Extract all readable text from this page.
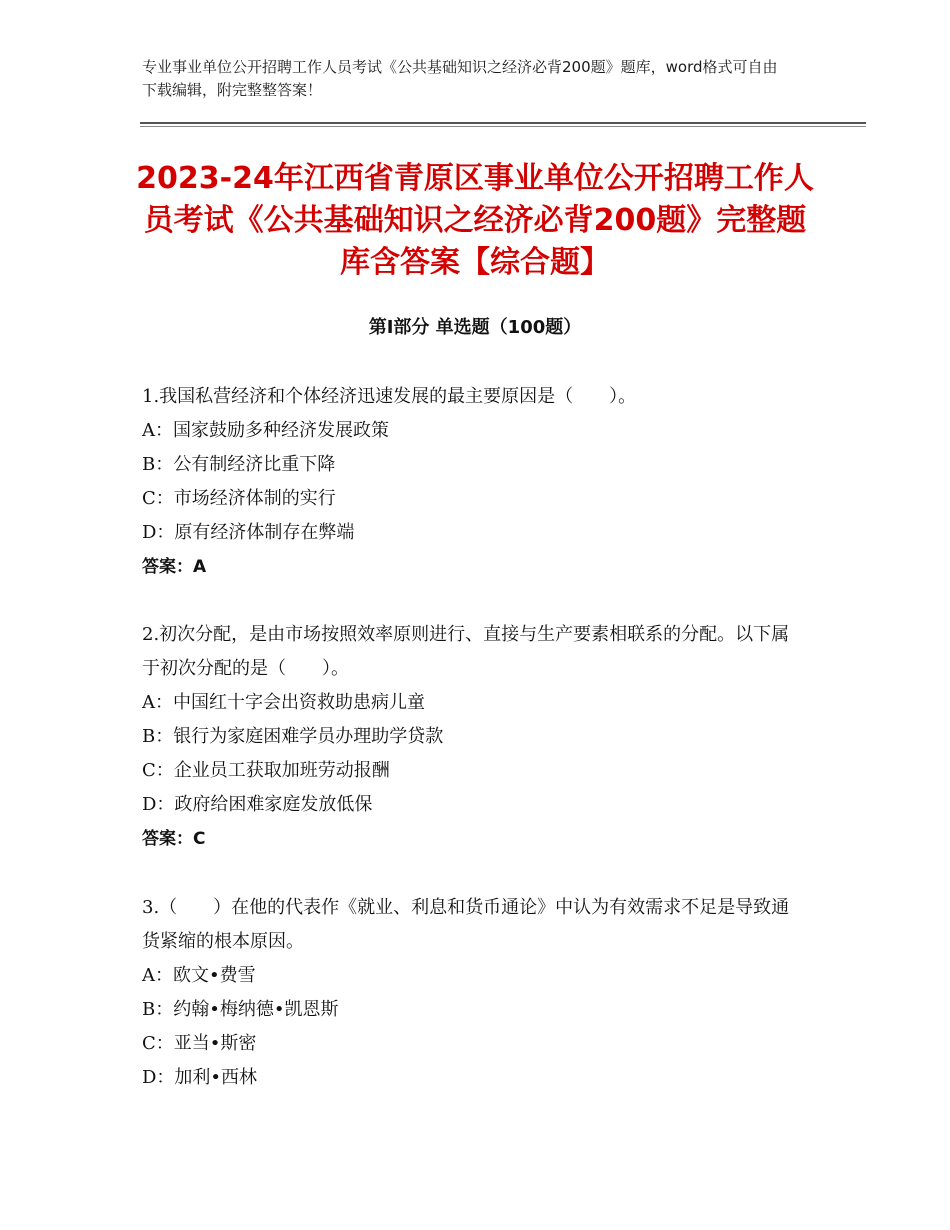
专业事业单位公开招聘工作人员考试《公共基础知识之经济必背200题》题库，word格式可自由下载编辑，附完整整答案！
2023-24年江西省青原区事业单位公开招聘工作人员考试《公共基础知识之经济必背200题》完整题库含答案【综合题】
第Ⅰ部分 单选题（100题）
1.我国私营经济和个体经济迅速发展的最主要原因是（　　）。
A：国家鼓励多种经济发展政策
B：公有制经济比重下降
C：市场经济体制的实行
D：原有经济体制存在弊端
答案：A
2.初次分配，是由市场按照效率原则进行、直接与生产要素相联系的分配。以下属于初次分配的是（　　）。
A：中国红十字会出资救助患病儿童
B：银行为家庭困难学员办理助学贷款
C：企业员工获取加班劳动报酬
D：政府给困难家庭发放低保
答案：C
3.（　　）在他的代表作《就业、利息和货币通论》中认为有效需求不足是导致通货紧缩的根本原因。
A：欧文•费雪
B：约翰•梅纳德•凯恩斯
C：亚当•斯密
D：加利•西林
